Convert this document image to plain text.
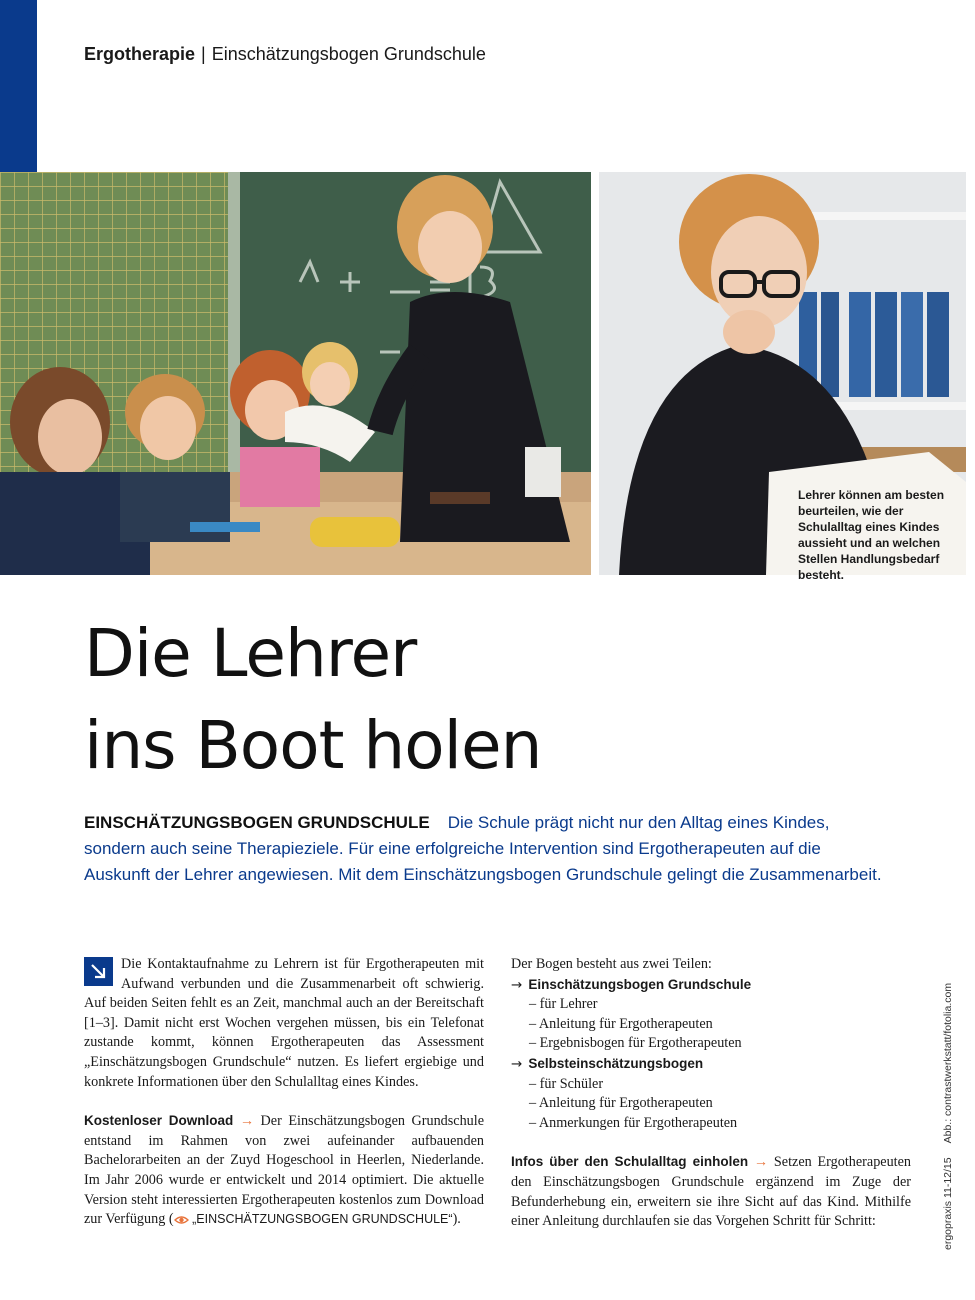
Ergotherapie | Einschätzungsbogen Grundschule
Lehrer können am besten beurteilen, wie der Schulalltag eines Kindes aussieht und an welchen Stellen Handlungsbedarf besteht.
Die Lehrer
ins Boot holen

EINSCHÄTZUNGSBOGEN GRUNDSCHULE Die Schule prägt nicht nur den Alltag eines Kindes, sondern auch seine Therapieziele. Für eine erfolgreiche Intervention sind Ergotherapeuten auf die Auskunft der Lehrer angewiesen. Mit dem Einschätzungsbogen Grundschule gelingt die Zusammenarbeit.

Die Kontaktaufnahme zu Lehrern ist für Ergotherapeuten mit Aufwand verbunden und die Zusammenarbeit oft schwierig. Auf beiden Seiten fehlt es an Zeit, manchmal auch an der Bereitschaft [1–3]. Damit nicht erst Wochen vergehen müssen, bis ein Telefonat zustande kommt, können Ergotherapeuten das Assessment „Einschätzungsbogen Grundschule“ nutzen. Es liefert ergiebige und konkrete Informationen über den Schulalltag eines Kindes.

Kostenloser Download → Der Einschätzungsbogen Grundschule entstand im Rahmen von zwei aufeinander aufbauenden Bachelorarbeiten an der Zuyd Hogeschool in Heerlen, Niederlande. Im Jahr 2006 wurde er entwickelt und 2014 optimiert. Die aktuelle Version steht interessierten Ergotherapeuten kostenlos zum Download zur Verfügung ( „EINSCHÄTZUNGSBOGEN GRUNDSCHULE“).

Der Bogen besteht aus zwei Teilen:

→ Einschätzungsbogen Grundschule
– für Lehrer
– Anleitung für Ergotherapeuten
– Ergebnisbogen für Ergotherapeuten
→ Selbsteinschätzungsbogen
– für Schüler
– Anleitung für Ergotherapeuten
– Anmerkungen für Ergotherapeuten

Infos über den Schulalltag einholen → Setzen Ergotherapeuten den Einschätzungsbogen Grundschule ergänzend im Zuge der Befunderhebung ein, erweitern sie ihre Sicht auf das Kind. Mithilfe einer Anleitung durchlaufen sie das Vorgehen Schritt für Schritt:	ergopraxis 11-12/15Abb.: contrastwerkstatt/fotolia.com
